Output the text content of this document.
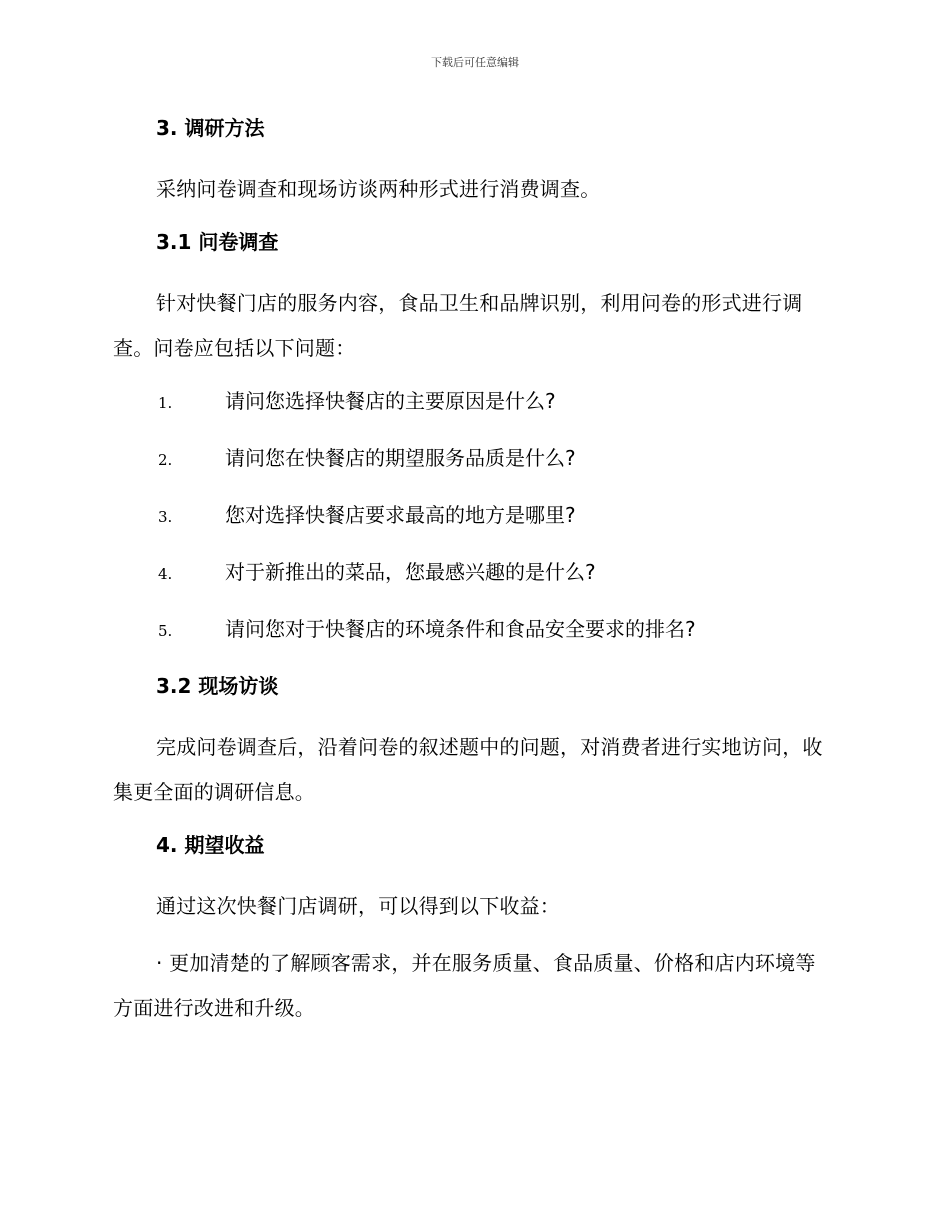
下载后可任意编辑
3. 调研方法
采纳问卷调查和现场访谈两种形式进行消费调查。
3.1 问卷调查
针对快餐门店的服务内容，食品卫生和品牌识别，利用问卷的形式进行调查。问卷应包括以下问题：
1.	请问您选择快餐店的主要原因是什么?
2.	请问您在快餐店的期望服务品质是什么?
3.	您对选择快餐店要求最高的地方是哪里?
4.	对于新推出的菜品，您最感兴趣的是什么?
5.	请问您对于快餐店的环境条件和食品安全要求的排名?
3.2 现场访谈
完成问卷调查后，沿着问卷的叙述题中的问题，对消费者进行实地访问，收集更全面的调研信息。
4. 期望收益
通过这次快餐门店调研，可以得到以下收益：
· 更加清楚的了解顾客需求，并在服务质量、食品质量、价格和店内环境等方面进行改进和升级。
